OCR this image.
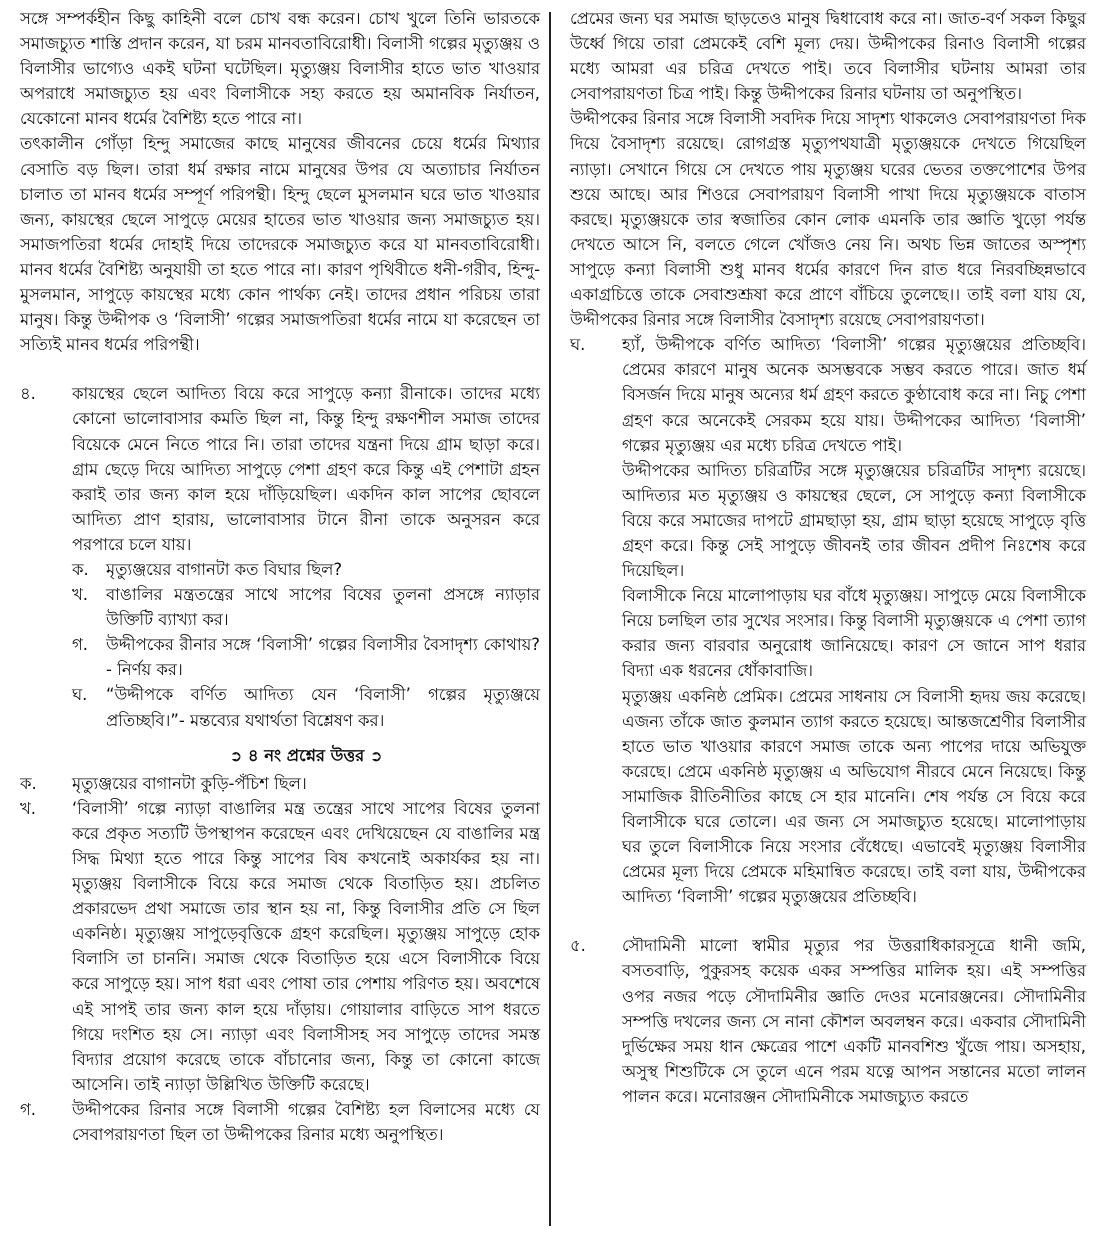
সঙ্গে সম্পর্কহীন কিছু কাহিনী বলে চোখ বন্ধ করেন। চোখ খুলে তিনি ভারতকে সমাজচ্যুত শাস্তি প্রদান করেন, যা চরম মানবতাবিরোধী। বিলাসী গল্পের মৃত্যুঞ্জয় ও বিলাসীর ভাগ্যেও একই ঘটনা ঘটেছিল। মৃত্যুঞ্জয় বিলাসীর হাতে ভাত খাওয়ার অপরাধে সমাজচ্যুত হয় এবং বিলাসীকে সহ্য করতে হয় অমানবিক নির্যাতন, যেকোনো মানব ধর্মের বৈশিষ্ট্য হতে পারে না।

তৎকালীন গোঁড়া হিন্দু সমাজের কাছে মানুষের জীবনের চেয়ে ধর্মের মিথ্যার বেসাতি বড় ছিল। তারা ধর্ম রক্ষার নামে মানুষের উপর যে অত্যাচার নির্যাতন চালাত তা মানব ধর্মের সম্পূর্ণ পরিপন্থী। হিন্দু ছেলে মুসলমান ঘরে ভাত খাওয়ার জন্য, কায়স্থের ছেলে সাপুড়ে মেয়ের হাতের ভাত খাওয়ার জন্য সমাজচ্যুত হয়। সমাজপতিরা ধর্মের দোহাই দিয়ে তাদেরকে সমাজচ্যুত করে যা মানবতাবিরোধী। মানব ধর্মের বৈশিষ্ট্য অনুযায়ী তা হতে পারে না। কারণ পৃথিবীতে ধনী-গরীব, হিন্দু-মুসলমান, সাপুড়ে কায়স্থের মধ্যে কোন পার্থক্য নেই। তাদের প্রধান পরিচয় তারা মানুষ। কিন্তু উদ্দীপক ও ‘বিলাসী’ গল্পের সমাজপতিরা ধর্মের নামে যা করেছেন তা সত্যিই মানব ধর্মের পরিপন্থী।

৪.	কায়স্থের ছেলে আদিত্য বিয়ে করে সাপুড়ে কন্যা রীনাকে। তাদের মধ্যে কোনো ভালোবাসার কমতি ছিল না, কিন্তু হিন্দু রক্ষণশীল সমাজ তাদের বিয়েকে মেনে নিতে পারে নি। তারা তাদের যন্ত্রনা দিয়ে গ্রাম ছাড়া করে। গ্রাম ছেড়ে দিয়ে আদিত্য সাপুড়ে পেশা গ্রহণ করে কিন্তু এই পেশাটা গ্রহন করাই তার জন্য কাল হয়ে দাঁড়িয়েছিল। একদিন কাল সাপের ছোবলে আদিত্য প্রাণ হারায়, ভালোবাসার টানে রীনা তাকে অনুসরন করে পরপারে চলে যায়।
ক.	মৃত্যুঞ্জয়ের বাগানটা কত বিঘার ছিল?
খ.	বাঙালির মন্ত্রতন্ত্রের সাথে সাপের বিষের তুলনা প্রসঙ্গে ন্যাড়ার উক্তিটি ব্যাখ্যা কর।
গ.	উদ্দীপকের রীনার সঙ্গে ‘বিলাসী’ গল্পের বিলাসীর বৈসাদৃশ্য কোথায়?- নির্ণয় কর।
ঘ.	“উদ্দীপকে বর্ণিত আদিত্য যেন ‘বিলাসী’ গল্পের মৃত্যুঞ্জয়ে প্রতিচ্ছবি।”- মন্তব্যের যথার্থতা বিশ্লেষণ কর।
➲ ৪ নং প্রশ্নের উত্তর ➲
ক.	মৃত্যুঞ্জয়ের বাগানটা কুড়ি-পঁচিশ ছিল।

খ.	‘বিলাসী’ গল্পে ন্যাড়া বাঙালির মন্ত্র তন্ত্রের সাথে সাপের বিষের তুলনা করে প্রকৃত সত্যটি উপস্থাপন করেছেন এবং দেখিয়েছেন যে বাঙালির মন্ত্র সিদ্ধ মিথ্যা হতে পারে কিন্তু সাপের বিষ কখনোই অকার্যকর হয় না। মৃত্যুঞ্জয় বিলাসীকে বিয়ে করে সমাজ থেকে বিতাড়িত হয়। প্রচলিত প্রকারভেদ প্রথা সমাজে তার স্থান হয় না, কিন্তু বিলাসীর প্রতি সে ছিল একনিষ্ঠ। মৃত্যুঞ্জয় সাপুড়েবৃত্তিকে গ্রহণ করেছিল। মৃত্যুঞ্জয় সাপুড়ে হোক বিলাসি তা চাননি। সমাজ থেকে বিতাড়িত হয়ে এসে বিলাসীকে বিয়ে করে সাপুড়ে হয়। সাপ ধরা এবং পোষা তার পেশায় পরিণত হয়। অবশেষে এই সাপই তার জন্য কাল হয়ে দাঁড়ায়। গোয়ালার বাড়িতে সাপ ধরতে গিয়ে দংশিত হয় সে। ন্যাড়া এবং বিলাসীসহ সব সাপুড়ে তাদের সমস্ত বিদ্যার প্রয়োগ করেছে তাকে বাঁচানোর জন্য, কিন্তু তা কোনো কাজে আসেনি। তাই ন্যাড়া উল্লিখিত উক্তিটি করেছে।

গ.	উদ্দীপকের রিনার সঙ্গে বিলাসী গল্পের বৈশিষ্ট্য হল বিলাসের মধ্যে যে সেবাপরায়ণতা ছিল তা উদ্দীপকের রিনার মধ্যে অনুপস্থিত।

প্রেমের জন্য ঘর সমাজ ছাড়তেও মানুষ দ্বিধাবোধ করে না। জাত-বর্ণ সকল কিছুর উর্ধ্বে গিয়ে তারা প্রেমকেই বেশি মূল্য দেয়। উদ্দীপকের রিনাও বিলাসী গল্পের মধ্যে আমরা এর চরিত্র দেখতে পাই। তবে বিলাসীর ঘটনায় আমরা তার সেবাপরায়ণতা চিত্র পাই। কিন্তু উদ্দীপকের রিনার ঘটনায় তা অনুপস্থিত।

উদ্দীপকের রিনার সঙ্গে বিলাসী সবদিক দিয়ে সাদৃশ্য থাকলেও সেবাপরায়ণতা দিক দিয়ে বৈসাদৃশ্য রয়েছে। রোগগ্রস্ত মৃত্যুপথযাত্রী মৃত্যুঞ্জয়কে দেখতে গিয়েছিল ন্যাড়া। সেখানে গিয়ে সে দেখতে পায় মৃত্যুঞ্জয় ঘরের ভেতর তক্তপোশের উপর শুয়ে আছে। আর শিওরে সেবাপরায়ণ বিলাসী পাখা দিয়ে মৃত্যুঞ্জয়কে বাতাস করছে। মৃত্যুঞ্জয়কে তার স্বজাতির কোন লোক এমনকি তার জ্ঞাতি খুড়ো পর্যন্ত দেখতে আসে নি, বলতে গেলে খোঁজও নেয় নি। অথচ ভিন্ন জাতের অস্পৃশ্য সাপুড়ে কন্যা বিলাসী শুধু মানব ধর্মের কারণে দিন রাত ধরে নিরবচ্ছিন্নভাবে একাগ্রচিত্তে তাকে সেবাশুশ্রূষা করে প্রাণে বাঁচিয়ে তুলেছে।। তাই বলা যায় যে, উদ্দীপকের রিনার সঙ্গে বিলাসীর বৈসাদৃশ্য রয়েছে সেবাপরায়ণতা।

ঘ.	হ্যাঁ, উদ্দীপকে বর্ণিত আদিত্য ‘বিলাসী’ গল্পের মৃত্যুঞ্জয়ের প্রতিচ্ছবি। প্রেমের কারণে মানুষ অনেক অসম্ভবকে সম্ভব করতে পারে। জাত ধর্ম বিসর্জন দিয়ে মানুষ অন্যের ধর্ম গ্রহণ করতে কুণ্ঠাবোধ করে না। নিচু পেশা গ্রহণ করে অনেকেই সেরকম হয়ে যায়। উদ্দীপকের আদিত্য ‘বিলাসী’ গল্পের মৃত্যুঞ্জয় এর মধ্যে চরিত্র দেখতে পাই।

উদ্দীপকের আদিত্য চরিত্রটির সঙ্গে মৃত্যুঞ্জয়ের চরিত্রটির সাদৃশ্য রয়েছে। আদিত্যর মত মৃত্যুঞ্জয় ও কায়স্থের ছেলে, সে সাপুড়ে কন্যা বিলাসীকে বিয়ে করে সমাজের দাপটে গ্রামছাড়া হয়, গ্রাম ছাড়া হয়েছে সাপুড়ে বৃত্তি গ্রহণ করে। কিন্তু সেই সাপুড়ে জীবনই তার জীবন প্রদীপ নিঃশেষ করে দিয়েছিল।

বিলাসীকে নিয়ে মালোপাড়ায় ঘর বাঁধে মৃত্যুঞ্জয়। সাপুড়ে মেয়ে বিলাসীকে নিয়ে চলছিল তার সুখের সংসার। কিন্তু বিলাসী মৃত্যুঞ্জয়কে এ পেশা ত্যাগ করার জন্য বারবার অনুরোধ জানিয়েছে। কারণ সে জানে সাপ ধরার বিদ্যা এক ধরনের ধোঁকাবাজি।

মৃত্যুঞ্জয় একনিষ্ঠ প্রেমিক। প্রেমের সাধনায় সে বিলাসী হৃদয় জয় করেছে। এজন্য তাঁকে জাত কুলমান ত্যাগ করতে হয়েছে। আন্তজশ্রেণীর বিলাসীর হাতে ভাত খাওয়ার কারণে সমাজ তাকে অন্য পাপের দায়ে অভিযুক্ত করেছে। প্রেমে একনিষ্ঠ মৃত্যুঞ্জয় এ অভিযোগ নীরবে মেনে নিয়েছে। কিন্তু সামাজিক রীতিনীতির কাছে সে হার মানেনি। শেষ পর্যন্ত সে বিয়ে করে বিলাসীকে ঘরে তোলে। এর জন্য সে সমাজচ্যুত হয়েছে। মালোপাড়ায় ঘর তুলে বিলাসীকে নিয়ে সংসার বেঁধেছে। এভাবেই মৃত্যুঞ্জয় বিলাসীর প্রেমের মূল্য দিয়ে প্রেমকে মহিমান্বিত করেছে। তাই বলা যায়, উদ্দীপকের আদিত্য ‘বিলাসী’ গল্পের মৃত্যুঞ্জয়ের প্রতিচ্ছবি।

৫.	সৌদামিনী মালো স্বামীর মৃত্যুর পর উত্তরাধিকারসূত্রে ধানী জমি, বসতবাড়ি, পুকুরসহ কয়েক একর সম্পত্তির মালিক হয়। এই সম্পত্তির ওপর নজর পড়ে সৌদামিনীর জ্ঞাতি দেওর মনোরঞ্জনের। সৌদামিনীর সম্পত্তি দখলের জন্য সে নানা কৌশল অবলম্বন করে। একবার সৌদামিনী দুর্ভিক্ষের সময় ধান ক্ষেত্রের পাশে একটি মানবশিশু খুঁজে পায়। অসহায়, অসুস্থ শিশুটিকে সে তুলে এনে পরম যত্নে আপন সন্তানের মতো লালন পালন করে। মনোরঞ্জন সৌদামিনীকে সমাজচ্যুত করতে
